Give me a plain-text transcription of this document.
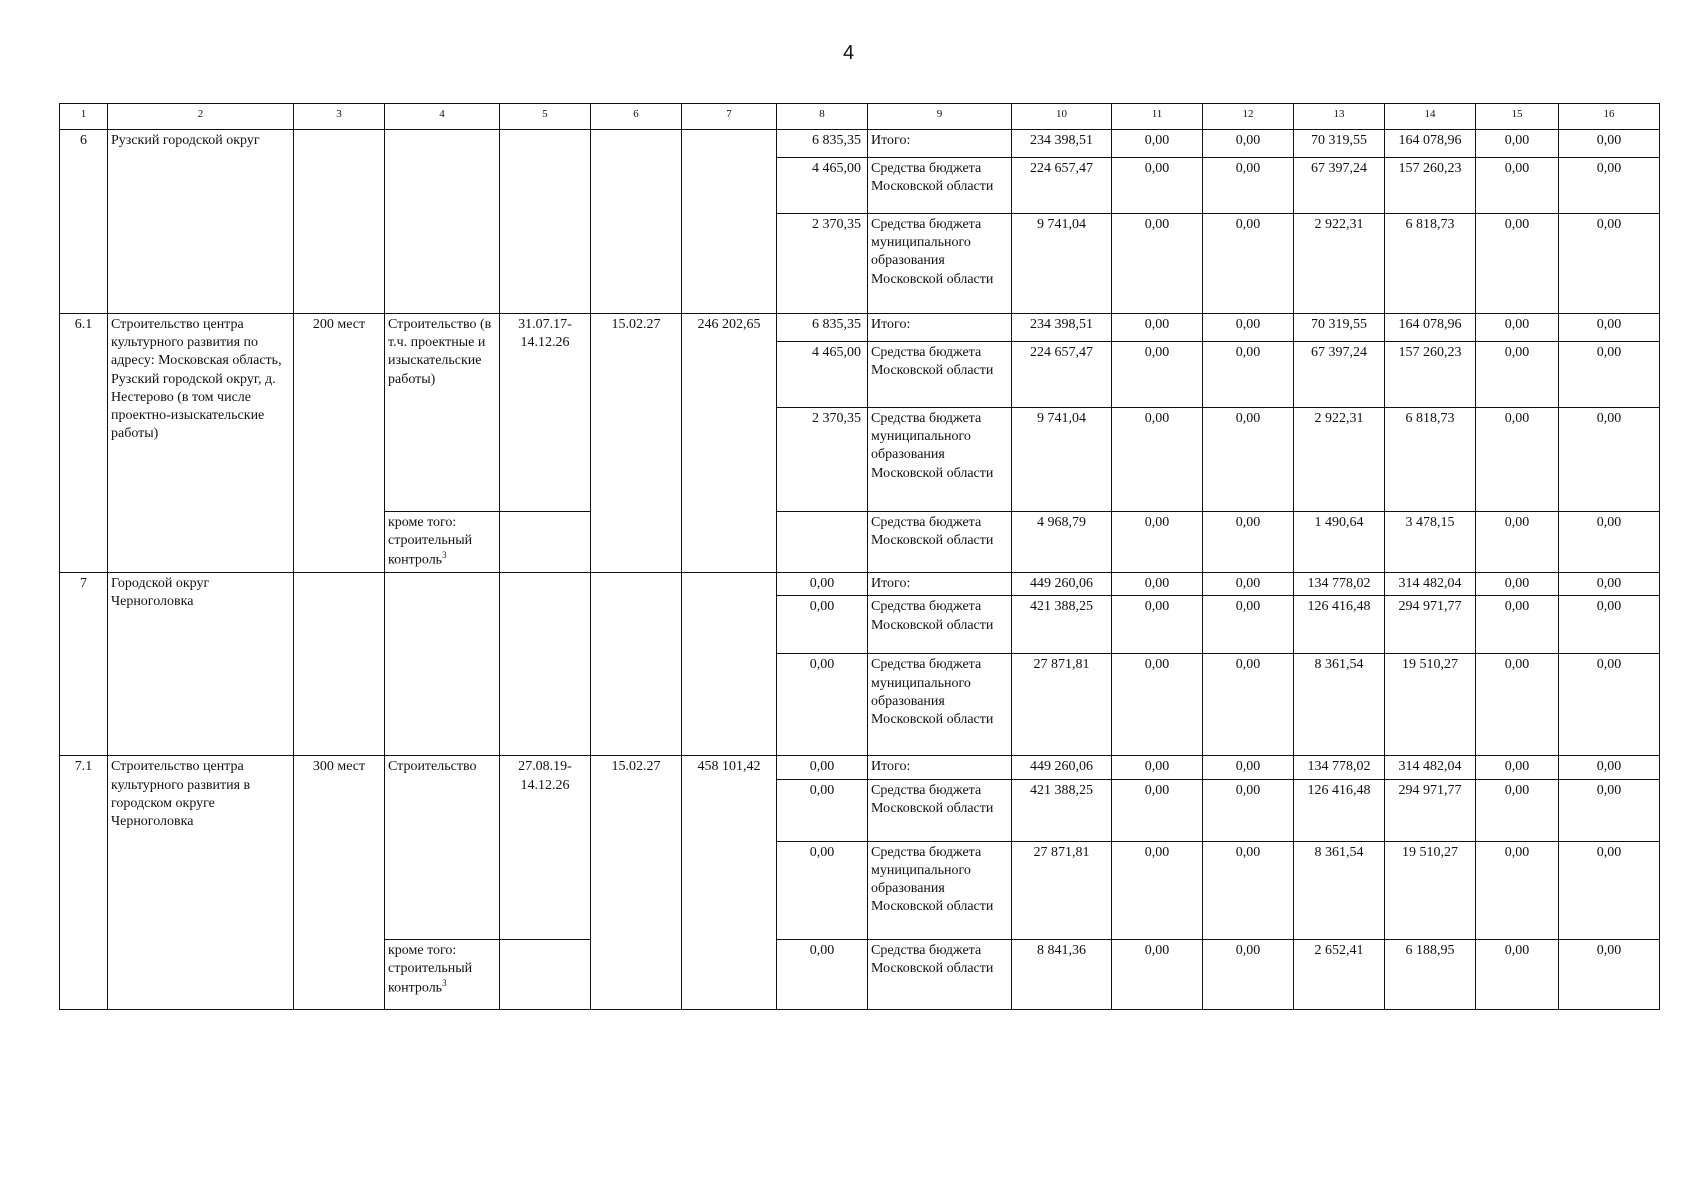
4
1	2	3	4	5	6	7	8	9	10	11	12	13	14	15	16
6	Рузский городской округ						6 835,35	Итого:	234 398,51	0,00	0,00	70 319,55	164 078,96	0,00	0,00
							4 465,00	Средства бюджета Московской области	224 657,47	0,00	0,00	67 397,24	157 260,23	0,00	0,00
							2 370,35	Средства бюджета муниципального образования Московской области	9 741,04	0,00	0,00	2 922,31	6 818,73	0,00	0,00
6.1	Строительство центра культурного развития по адресу: Московская область, Рузский городской округ, д. Нестерово (в том числе проектно-изыскательские работы)	200 мест	Строительство (в т.ч. проектные и изыскательские работы)	31.07.17-14.12.26	15.02.27	246 202,65	6 835,35	Итого:	234 398,51	0,00	0,00	70 319,55	164 078,96	0,00	0,00
							4 465,00	Средства бюджета Московской области	224 657,47	0,00	0,00	67 397,24	157 260,23	0,00	0,00
							2 370,35	Средства бюджета муниципального образования Московской области	9 741,04	0,00	0,00	2 922,31	6 818,73	0,00	0,00
			кроме того: строительный контроль$^3$					Средства бюджета Московской области	4 968,79	0,00	0,00	1 490,64	3 478,15	0,00	0,00
7	Городской округ Черноголовка						0,00	Итого:	449 260,06	0,00	0,00	134 778,02	314 482,04	0,00	0,00
							0,00	Средства бюджета Московской области	421 388,25	0,00	0,00	126 416,48	294 971,77	0,00	0,00
							0,00	Средства бюджета муниципального образования Московской области	27 871,81	0,00	0,00	8 361,54	19 510,27	0,00	0,00
7.1	Строительство центра культурного развития в городском округе Черноголовка	300 мест	Строительство	27.08.19-14.12.26	15.02.27	458 101,42	0,00	Итого:	449 260,06	0,00	0,00	134 778,02	314 482,04	0,00	0,00
							0,00	Средства бюджета Московской области	421 388,25	0,00	0,00	126 416,48	294 971,77	0,00	0,00
							0,00	Средства бюджета муниципального образования Московской области	27 871,81	0,00	0,00	8 361,54	19 510,27	0,00	0,00
			кроме того: строительный контроль$^3$				0,00	Средства бюджета Московской области	8 841,36	0,00	0,00	2 652,41	6 188,95	0,00	0,00
